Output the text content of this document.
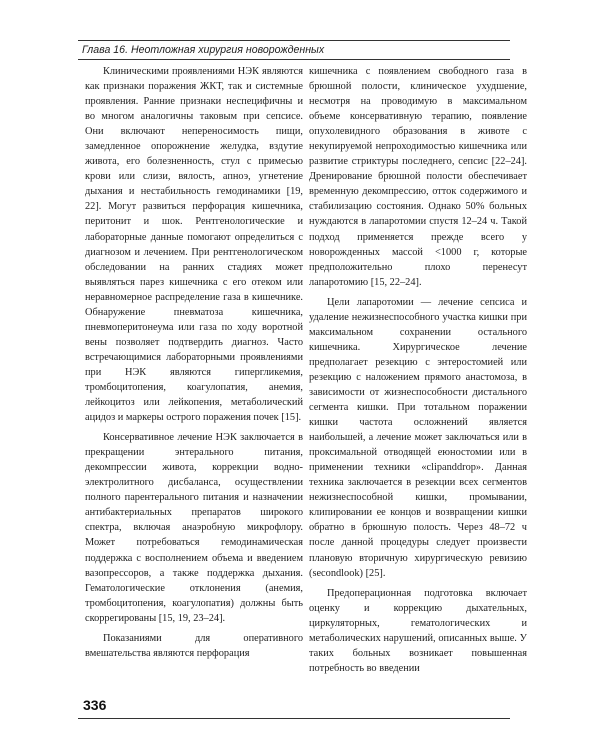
Глава 16. Неотложная хирургия новорожденных

Клиническими проявлениями НЭК являются как признаки поражения ЖКТ, так и системные проявления. Ранние признаки неспецифичны и во многом аналогичны таковым при сепсисе. Они включают непереносимость пищи, замедленное опорожнение желудка, вздутие живота, его болезненность, стул с примесью крови или слизи, вялость, апноэ, угнетение дыхания и нестабильность гемодинамики [19, 22]. Могут развиться перфорация кишечника, перитонит и шок. Рентгенологические и лабораторные данные помогают определиться с диагнозом и лечением. При рентгенологическом обследовании на ранних стадиях может выявляться парез кишечника с его отеком или неравномерное распределение газа в кишечнике. Обнаружение пневматоза кишечника, пневмоперитонеума или газа по ходу воротной вены позволяет подтвердить диагноз. Часто встречающимися лабораторными проявлениями при НЭК являются гипергликемия, тромбоцитопения, коагулопатия, анемия, лейкоцитоз или лейкопения, метаболический ацидоз и маркеры острого поражения почек [15].

Консервативное лечение НЭК заключается в прекращении энтерального питания, декомпрессии живота, коррекции водно-электролитного дисбаланса, осуществлении полного парентерального питания и назначении антибактериальных препаратов широкого спектра, включая анаэробную микрофлору. Может потребоваться гемодинамическая поддержка с восполнением объема и введением вазопрессоров, а также поддержка дыхания. Гематологические отклонения (анемия, тромбоцитопения, коагулопатия) должны быть скоррегированы [15, 19, 23–24].

Показаниями для оперативного вмешательства являются перфорация

кишечника с появлением свободного газа в брюшной полости, клиническое ухудшение, несмотря на проводимую в максимальном объеме консервативную терапию, появление опухолевидного образования в животе с некупируемой непроходимостью кишечника или развитие стриктуры последнего, сепсис [22–24]. Дренирование брюшной полости обеспечивает временную декомпрессию, отток содержимого и стабилизацию состояния. Однако 50% больных нуждаются в лапаротомии спустя 12–24 ч. Такой подход применяется прежде всего у новорожденных массой <1000 г, которые предположительно плохо перенесут лапаротомию [15, 22–24].

Цели лапаротомии — лечение сепсиса и удаление нежизнеспособного участка кишки при максимальном сохранении остального кишечника. Хирургическое лечение предполагает резекцию с энтеростомией или резекцию с наложением прямого анастомоза, в зависимости от жизнеспособности дистального сегмента кишки. При тотальном поражении кишки частота осложнений является наибольшей, а лечение может заключаться или в проксимальной отводящей еюностомии или в применении техники «clipanddrop». Данная техника заключается в резекции всех сегментов нежизнеспособной кишки, промывании, клипировании ее концов и возвращении кишки обратно в брюшную полость. Через 48–72 ч после данной процедуры следует произвести плановую вторичную хирургическую ревизию (secondlook) [25].

Предоперационная подготовка включает оценку и коррекцию дыхательных, циркуляторных, гематологических и метаболических нарушений, описанных выше. У таких больных возникает повышенная потребность во введении

336
